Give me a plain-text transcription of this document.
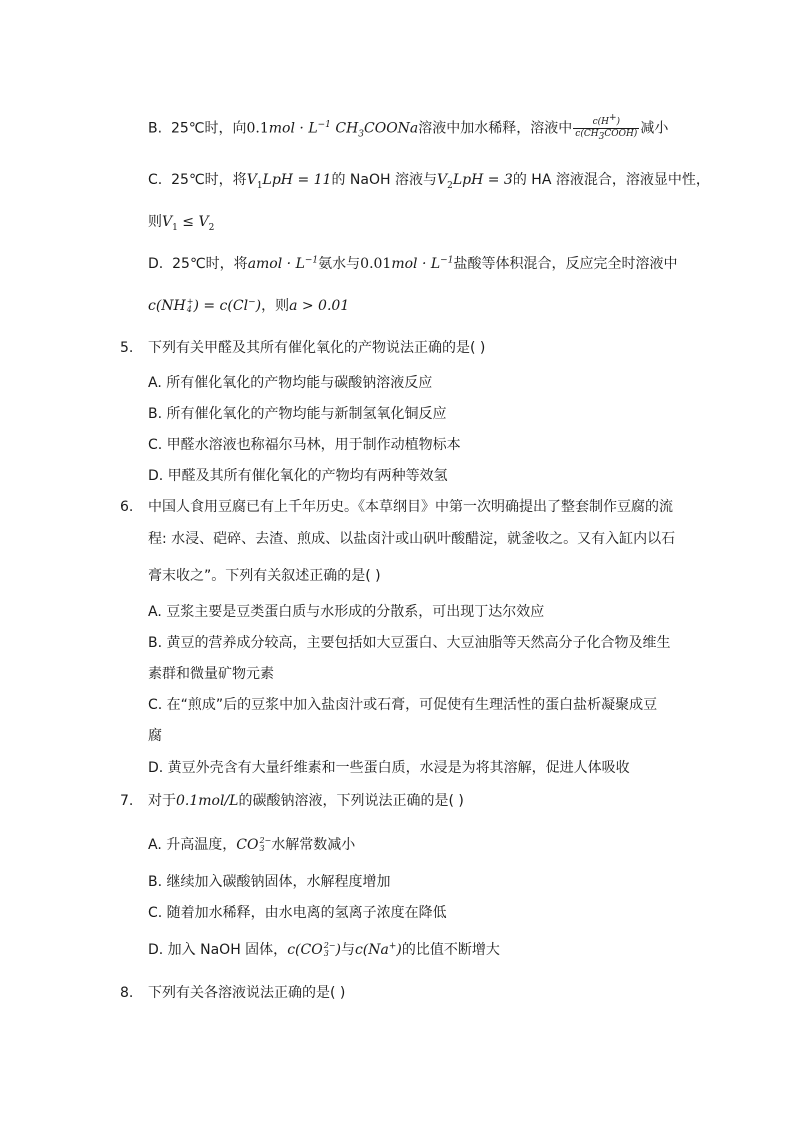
B. 25℃时，向$0.1mol \cdot L^{-1}$ $CH_3COONa$溶液中加水稀释，溶液中 $\frac{c(H^+)}{c(CH_3COOH)}$ 减小
C. 25℃时，将$V_1LpH = 11$的 NaOH 溶液与$V_2LpH = 3$的 HA 溶液混合，溶液显中性，
则$V_1 \le V_2$
D. 25℃时，将amol · $L^{-1}$氨水与$0.01mol \cdot L^{-1}$盐酸等体积混合，反应完全时溶液中
c(NH +
4 ) = c(Cl−)，则a > 0.01
5.	下列有关甲醛及其所有催化氧化的产物说法正确的是( )
A. 所有催化氧化的产物均能与碳酸钠溶液反应
B. 所有催化氧化的产物均能与新制氢氧化铜反应
C. 甲醛水溶液也称福尔马林，用于制作动植物标本
D. 甲醛及其所有催化氧化的产物均有两种等效氢
6.	中国人食用豆腐已有上千年历史。《本草纲目》中第一次明确提出了整套制作豆腐的流
程: 水浸、硙碎、去渣、煎成、以盐卤汁或山矾叶酸醋淀，就釜收之。又有入缸内以石
膏末收之”。下列有关叙述正确的是( )
A. 豆浆主要是豆类蛋白质与水形成的分散系，可出现丁达尔效应
B. 黄豆的营养成分较高，主要包括如大豆蛋白、大豆油脂等天然高分子化合物及维生
素群和微量矿物元素
C. 在“煎成”后的豆浆中加入盐卤汁或石膏，可促使有生理活性的蛋白盐析凝聚成豆
腐
D. 黄豆外壳含有大量纤维素和一些蛋白质，水浸是为将其溶解，促进人体吸收
7.	对于0.1mol/L的碳酸钠溶液，下列说法正确的是( )
A. 升高温度，CO 2−
3 水解常数减小
B. 继续加入碳酸钠固体，水解程度增加
C. 随着加水稀释，由水电离的氢离子浓度在降低
D. 加入 NaOH 固体，c(CO 2−
3 )与c(Na+)的比值不断增大
8.	下列有关各溶液说法正确的是( )
